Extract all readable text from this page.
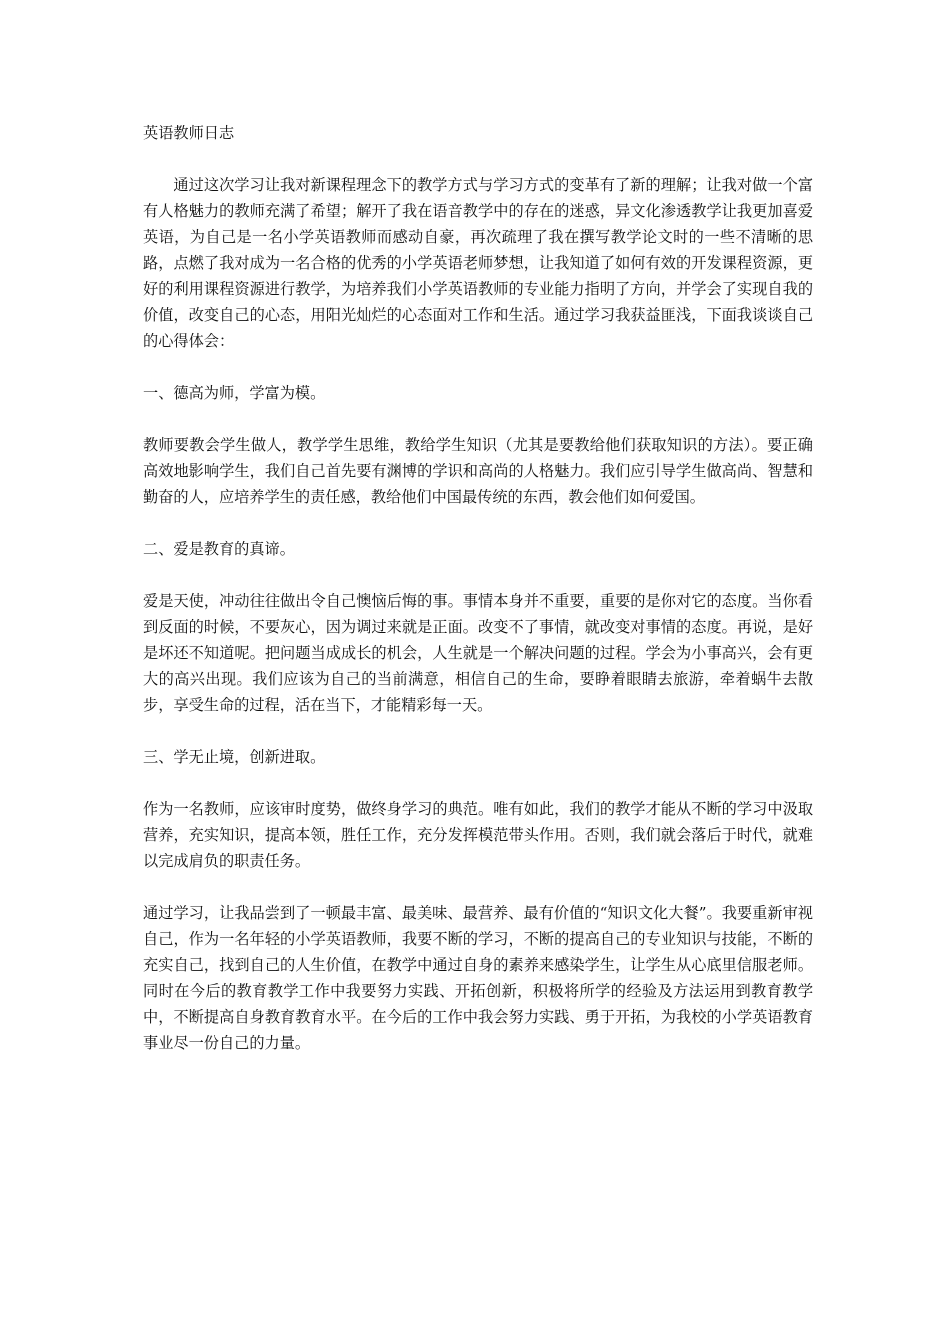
英语教师日志

通过这次学习让我对新课程理念下的教学方式与学习方式的变革有了新的理解；让我对做一个富有人格魅力的教师充满了希望；解开了我在语音教学中的存在的迷惑，异文化渗透教学让我更加喜爱英语，为自己是一名小学英语教师而感动自豪，再次疏理了我在撰写教学论文时的一些不清晰的思路，点燃了我对成为一名合格的优秀的小学英语老师梦想，让我知道了如何有效的开发课程资源，更好的利用课程资源进行教学，为培养我们小学英语教师的专业能力指明了方向，并学会了实现自我的价值，改变自己的心态，用阳光灿烂的心态面对工作和生活。通过学习我获益匪浅，下面我谈谈自己的心得体会：

一、德高为师，学富为模。

教师要教会学生做人，教学学生思维，教给学生知识（尤其是要教给他们获取知识的方法）。要正确高效地影响学生，我们自己首先要有渊博的学识和高尚的人格魅力。我们应引导学生做高尚、智慧和勤奋的人，应培养学生的责任感，教给他们中国最传统的东西，教会他们如何爱国。

二、爱是教育的真谛。

爱是天使，冲动往往做出令自己懊恼后悔的事。事情本身并不重要，重要的是你对它的态度。当你看到反面的时候，不要灰心，因为调过来就是正面。改变不了事情，就改变对事情的态度。再说，是好是坏还不知道呢。把问题当成成长的机会，人生就是一个解决问题的过程。学会为小事高兴，会有更大的高兴出现。我们应该为自己的当前满意，相信自己的生命，要睁着眼睛去旅游，牵着蜗牛去散步，享受生命的过程，活在当下，才能精彩每一天。

三、学无止境，创新进取。

作为一名教师，应该审时度势，做终身学习的典范。唯有如此，我们的教学才能从不断的学习中汲取营养，充实知识，提高本领，胜任工作，充分发挥模范带头作用。否则，我们就会落后于时代，就难以完成肩负的职责任务。

通过学习，让我品尝到了一顿最丰富、最美味、最营养、最有价值的“知识文化大餐”。我要重新审视自己，作为一名年轻的小学英语教师，我要不断的学习，不断的提高自己的专业知识与技能，不断的充实自己，找到自己的人生价值，在教学中通过自身的素养来感染学生，让学生从心底里信服老师。同时在今后的教育教学工作中我要努力实践、开拓创新，积极将所学的经验及方法运用到教育教学中，不断提高自身教育教育水平。在今后的工作中我会努力实践、勇于开拓，为我校的小学英语教育事业尽一份自己的力量。
